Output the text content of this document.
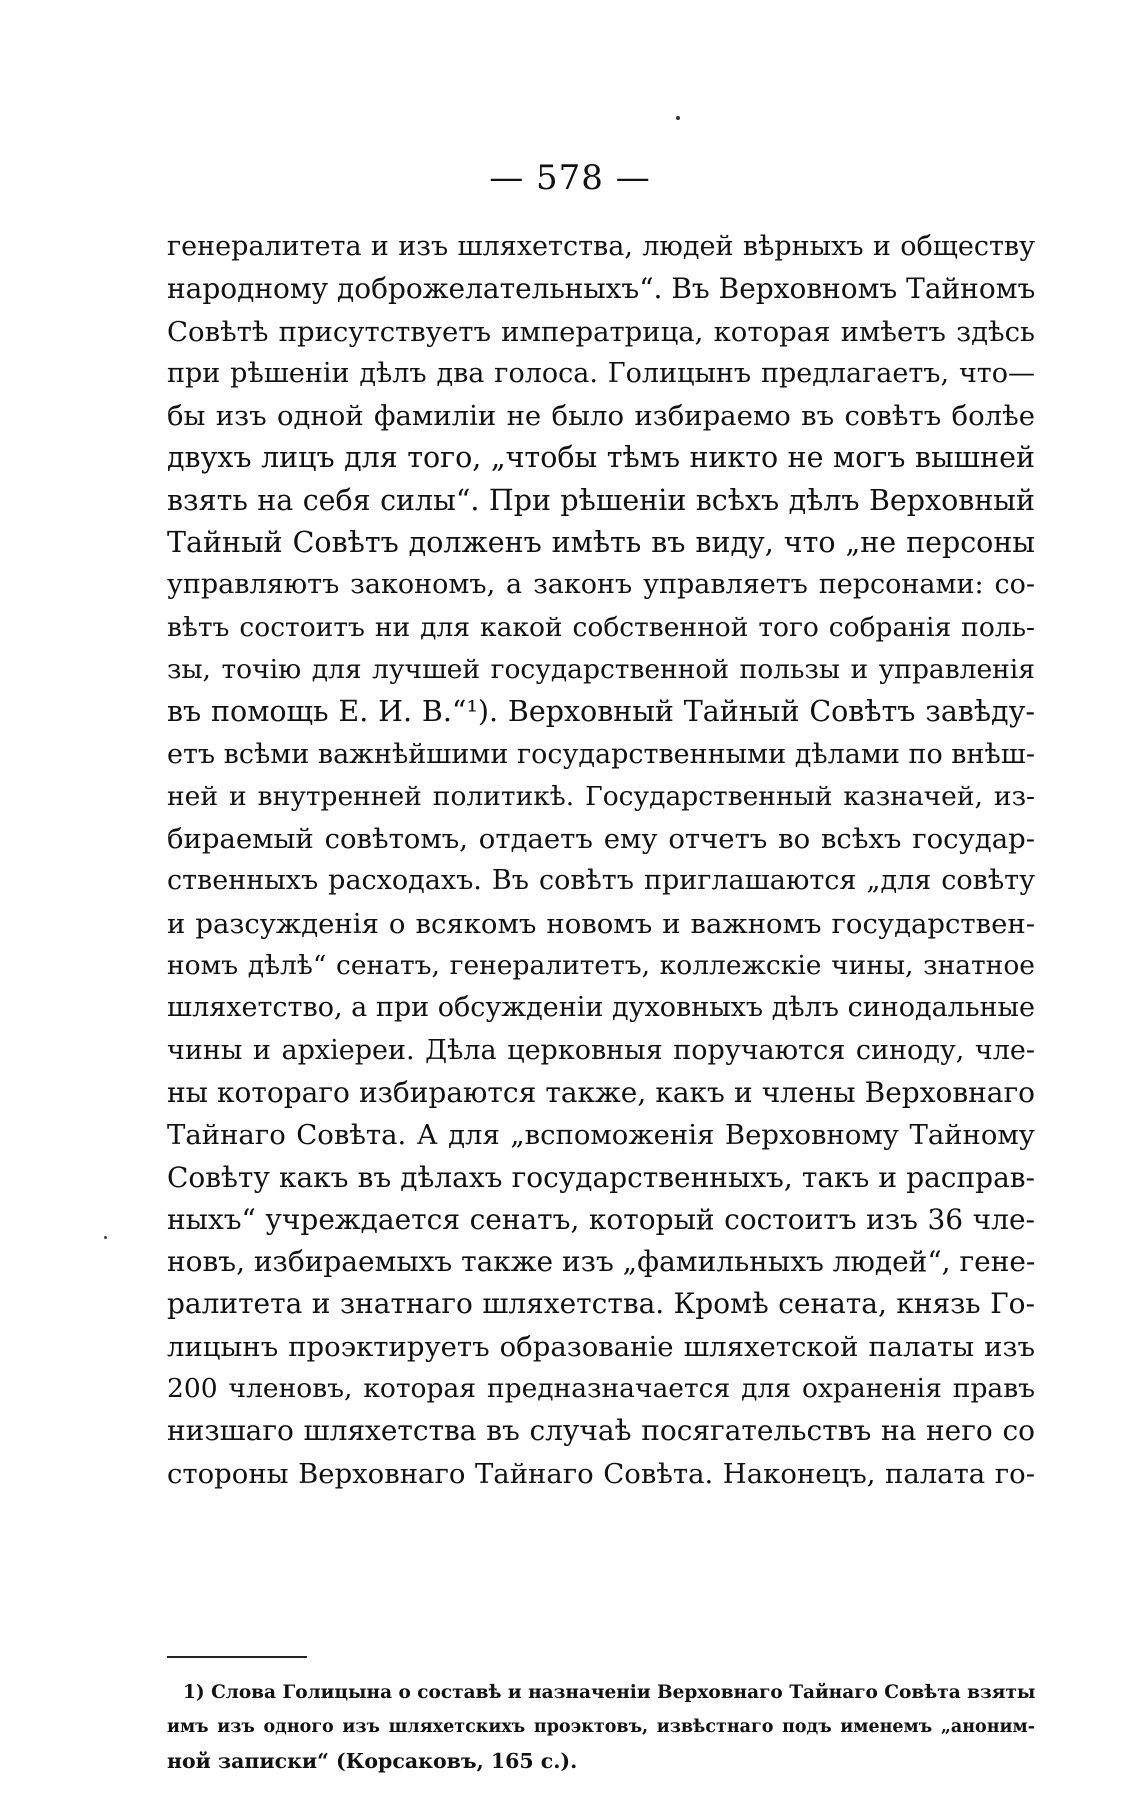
— 578 —
генералитета и изъ шляхетства, людей вѣрныхъ и обществу
народному доброжелательныхъ“. Въ Верховномъ Тайномъ
Совѣтѣ присутствуетъ императрица, которая имѣетъ здѣсь
при рѣшеніи дѣлъ два голоса. Голицынъ предлагаетъ, что—
бы изъ одной фамиліи не было избираемо въ совѣтъ болѣе
двухъ лицъ для того, „чтобы тѣмъ никто не могъ вышней
взять на себя силы“. При рѣшеніи всѣхъ дѣлъ Верховный
Тайный Совѣтъ долженъ имѣть въ виду, что „не персоны
управляютъ закономъ, а законъ управляетъ персонами: со-
вѣтъ состоитъ ни для какой собственной того собранія поль-
зы, точію для лучшей государственной пользы и управленія
въ помощь Е. И. В.“¹). Верховный Тайный Совѣтъ завѣду-
етъ всѣми важнѣйшими государственными дѣлами по внѣш-
ней и внутренней политикѣ. Государственный казначей, из-
бираемый совѣтомъ, отдаетъ ему отчетъ во всѣхъ государ-
ственныхъ расходахъ. Въ совѣтъ приглашаются „для совѣту
и разсужденія о всякомъ новомъ и важномъ государствен-
номъ дѣлѣ“ сенатъ, генералитетъ, коллежскіе чины, знатное
шляхетство, а при обсужденіи духовныхъ дѣлъ синодальные
чины и архіереи. Дѣла церковныя поручаются синоду, чле-
ны котораго избираются также, какъ и члены Верховнаго
Тайнаго Совѣта. А для „вспоможенія Верховному Тайному
Совѣту какъ въ дѣлахъ государственныхъ, такъ и расправ-
ныхъ“ учреждается сенатъ, который состоитъ изъ 36 чле-
новъ, избираемыхъ также изъ „фамильныхъ людей“, гене-
ралитета и знатнаго шляхетства. Кромѣ сената, князь Го-
лицынъ проэктируетъ образованіе шляхетской палаты изъ
200 членовъ, которая предназначается для охраненія правъ
низшаго шляхетства въ случаѣ посягательствъ на него со
стороны Верховнаго Тайнаго Совѣта. Наконецъ, палата го-
1) Слова Голицына о составѣ и назначеніи Верховнаго Тайнаго Совѣта взяты
имъ изъ одного изъ шляхетскихъ проэктовъ, извѣстнаго подъ именемъ „аноним-
ной записки“ (Корсаковъ, 165 с.).
